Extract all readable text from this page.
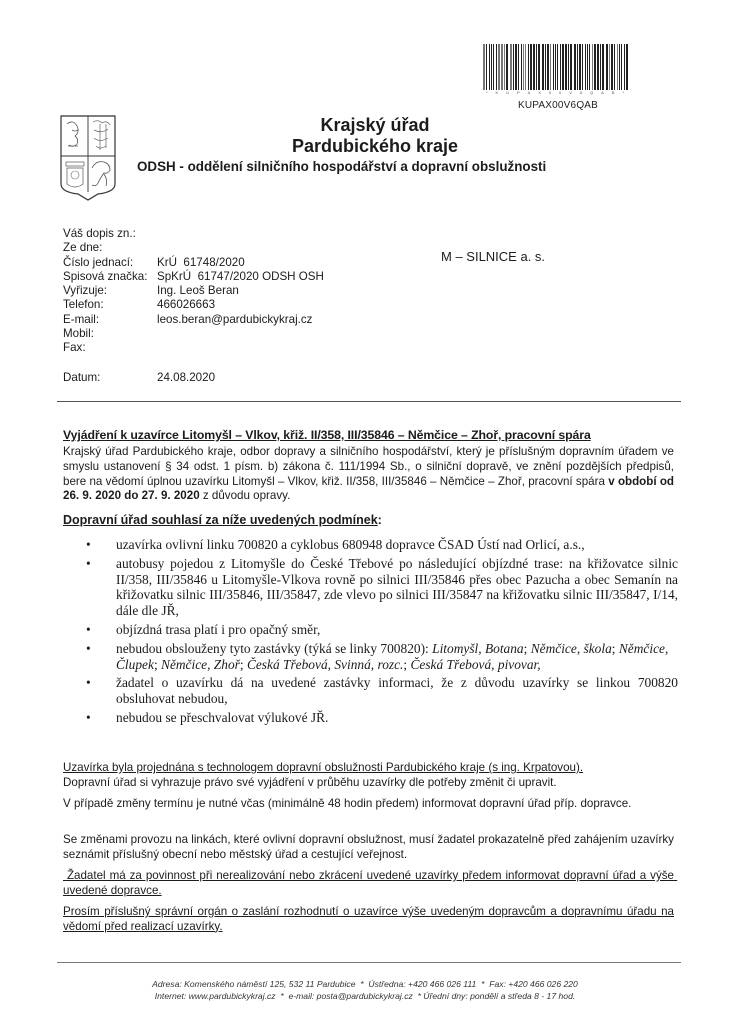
* K U P A X 0 0 V 6 Q A B *
KUPAX00V6QAB
Krajský úřad
Pardubického kraje
ODSH - oddělení silničního hospodářství a dopravní obslužnosti
Váš dopis zn.:
Ze dne:
Číslo jednací:	KrÚ  61748/2020
Spisová značka: SpKrÚ  61747/2020 ODSH OSH
Vyřizuje:	Ing. Leoš Beran
Telefon:	466026663
E-mail:	leos.beran@pardubickykraj.cz
Mobil:
Fax:
Datum:	24.08.2020
M – SILNICE a. s.
Vyjádření k uzavírce Litomyšl – Vlkov, křiž. II/358, III/35846 – Němčice – Zhoř, pracovní spára
Krajský úřad Pardubického kraje, odbor dopravy a silničního hospodářství, který je příslušným dopravním úřadem ve smyslu ustanovení § 34 odst. 1 písm. b) zákona č. 111/1994 Sb., o silniční dopravě, ve znění pozdějších předpisů, bere na vědomí úplnou uzavírku Litomyšl – Vlkov, křiž. II/358, III/35846 – Němčice – Zhoř, pracovní spára v období od 26. 9. 2020 do 27. 9. 2020 z důvodu opravy.
Dopravní úřad souhlasí za níže uvedených podmínek:
• uzavírka ovlivní linku 700820 a cyklobus 680948 dopravce ČSAD Ústí nad Orlicí, a.s.,
• autobusy pojedou z Litomyšle do České Třebové po následující objízdné trase: na křižovatce silnic II/358, III/35846 u Litomyšle-Vlkova rovně po silnici III/35846 přes obec Pazucha a obec Semanín na křižovatku silnic III/35846, III/35847, zde vlevo po silnici III/35847 na křižovatku silnic III/35847, I/14, dále dle JŘ,
• objízdná trasa platí i pro opačný směr,
• nebudou obslouženy tyto zastávky (týká se linky 700820): Litomyšl, Botana; Němčice, škola; Němčice, Člupek; Němčice, Zhoř; Česká Třebová, Svinná, rozc.; Česká Třebová, pivovar,
• žadatel o uzavírku dá na uvedené zastávky informaci, že z důvodu uzavírky se linkou 700820 obsluhovat nebudou,
• nebudou se přeschvalovat výlukové JŘ.
Uzavírka byla projednána s technologem dopravní obslužnosti Pardubického kraje (s ing. Krpatovou).
Dopravní úřad si vyhrazuje právo své vyjádření v průběhu uzavírky dle potřeby změnit či upravit.
V případě změny termínu je nutné včas (minimálně 48 hodin předem) informovat dopravní úřad příp. dopravce.
Se změnami provozu na linkách, které ovlivní dopravní obslužnost, musí žadatel prokazatelně před zahájením uzavírky seznámit příslušný obecní nebo městský úřad a cestující veřejnost.
Žadatel má za povinnost při nerealizování nebo zkrácení uvedené uzavírky předem informovat dopravní úřad a výše uvedené dopravce.
Prosím příslušný správní orgán o zaslání rozhodnutí o uzavírce výše uvedeným dopravcům a dopravnímu úřadu na vědomí před realizací uzavírky.
Adresa: Komenského náměstí 125, 532 11 Pardubice  *  Ústředna: +420 466 026 111  *  Fax: +420 466 026 220
Internet: www.pardubickykraj.cz  *  e-mail: posta@pardubickykraj.cz  * Úřední dny: pondělí a středa 8 - 17 hod.
